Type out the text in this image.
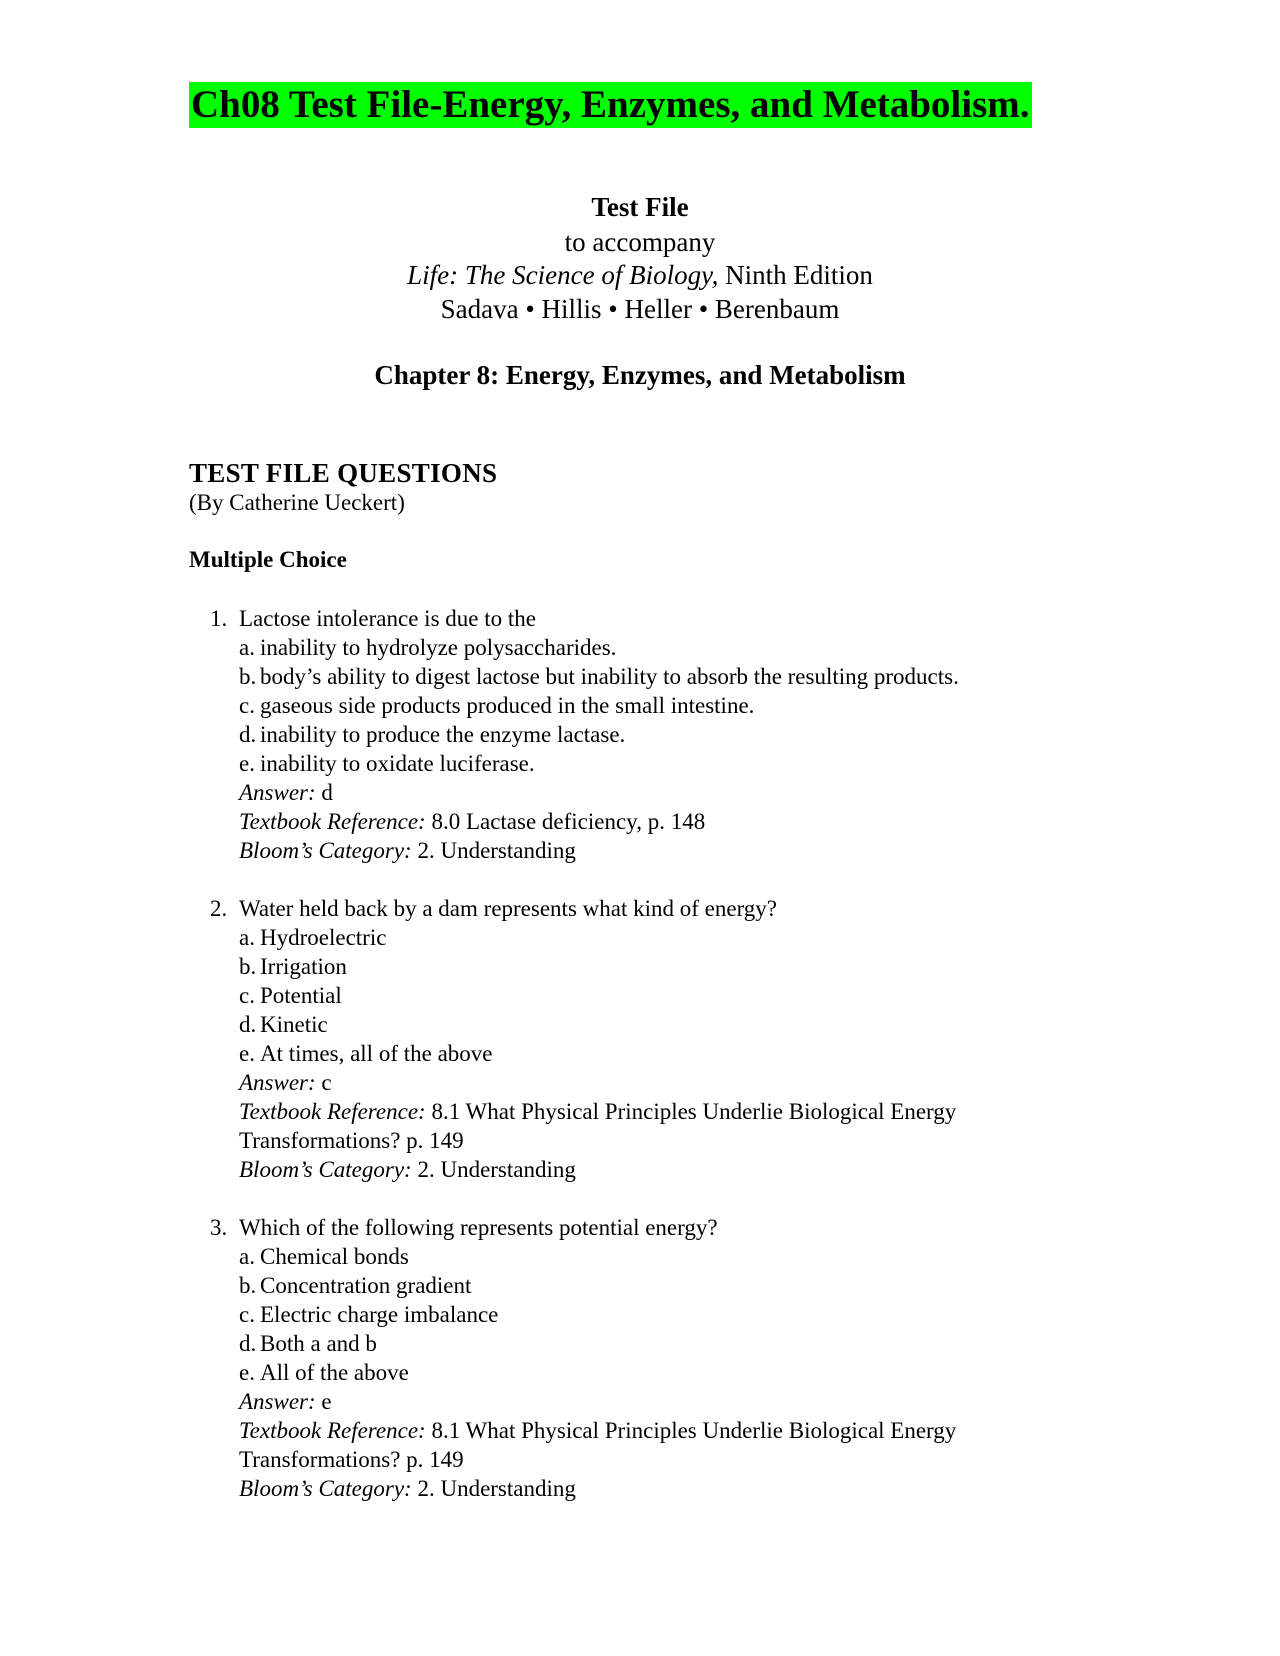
Ch08 Test File-Energy, Enzymes, and Metabolism.
Test File
to accompany
Life: The Science of Biology, Ninth Edition
Sadava • Hillis • Heller • Berenbaum
Chapter 8: Energy, Enzymes, and Metabolism
TEST FILE QUESTIONS
(By Catherine Ueckert)
Multiple Choice
1. Lactose intolerance is due to the
a. inability to hydrolyze polysaccharides.
b. body’s ability to digest lactose but inability to absorb the resulting products.
c. gaseous side products produced in the small intestine.
d. inability to produce the enzyme lactase.
e. inability to oxidate luciferase.
Answer: d
Textbook Reference: 8.0 Lactase deficiency, p. 148
Bloom’s Category: 2. Understanding
2. Water held back by a dam represents what kind of energy?
a. Hydroelectric
b. Irrigation
c. Potential
d. Kinetic
e. At times, all of the above
Answer: c
Textbook Reference: 8.1 What Physical Principles Underlie Biological Energy
Transformations? p. 149
Bloom’s Category: 2. Understanding
3. Which of the following represents potential energy?
a. Chemical bonds
b. Concentration gradient
c. Electric charge imbalance
d. Both a and b
e. All of the above
Answer: e
Textbook Reference: 8.1 What Physical Principles Underlie Biological Energy
Transformations? p. 149
Bloom’s Category: 2. Understanding
